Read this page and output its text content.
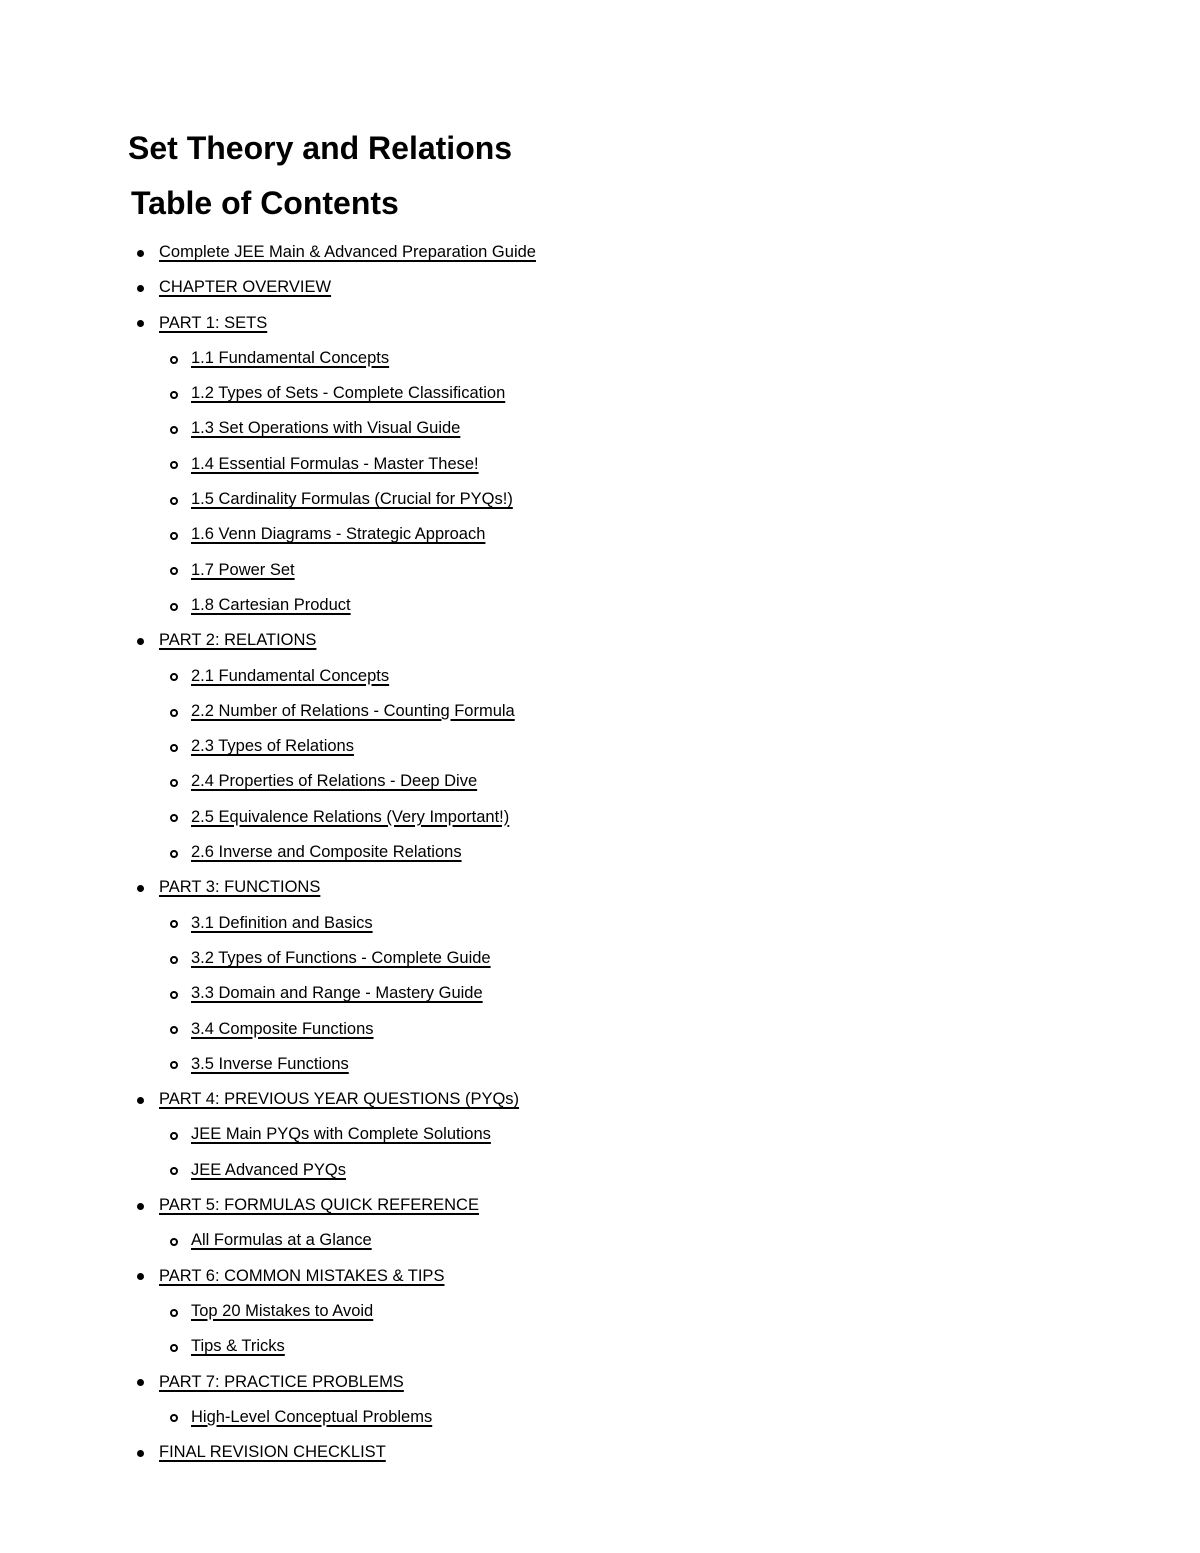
Set Theory and Relations
Table of Contents
Complete JEE Main & Advanced Preparation Guide
CHAPTER OVERVIEW
PART 1: SETS
1.1 Fundamental Concepts
1.2 Types of Sets - Complete Classification
1.3 Set Operations with Visual Guide
1.4 Essential Formulas - Master These!
1.5 Cardinality Formulas (Crucial for PYQs!)
1.6 Venn Diagrams - Strategic Approach
1.7 Power Set
1.8 Cartesian Product
PART 2: RELATIONS
2.1 Fundamental Concepts
2.2 Number of Relations - Counting Formula
2.3 Types of Relations
2.4 Properties of Relations - Deep Dive
2.5 Equivalence Relations (Very Important!)
2.6 Inverse and Composite Relations
PART 3: FUNCTIONS
3.1 Definition and Basics
3.2 Types of Functions - Complete Guide
3.3 Domain and Range - Mastery Guide
3.4 Composite Functions
3.5 Inverse Functions
PART 4: PREVIOUS YEAR QUESTIONS (PYQs)
JEE Main PYQs with Complete Solutions
JEE Advanced PYQs
PART 5: FORMULAS QUICK REFERENCE
All Formulas at a Glance
PART 6: COMMON MISTAKES & TIPS
Top 20 Mistakes to Avoid
Tips & Tricks
PART 7: PRACTICE PROBLEMS
High-Level Conceptual Problems
FINAL REVISION CHECKLIST
